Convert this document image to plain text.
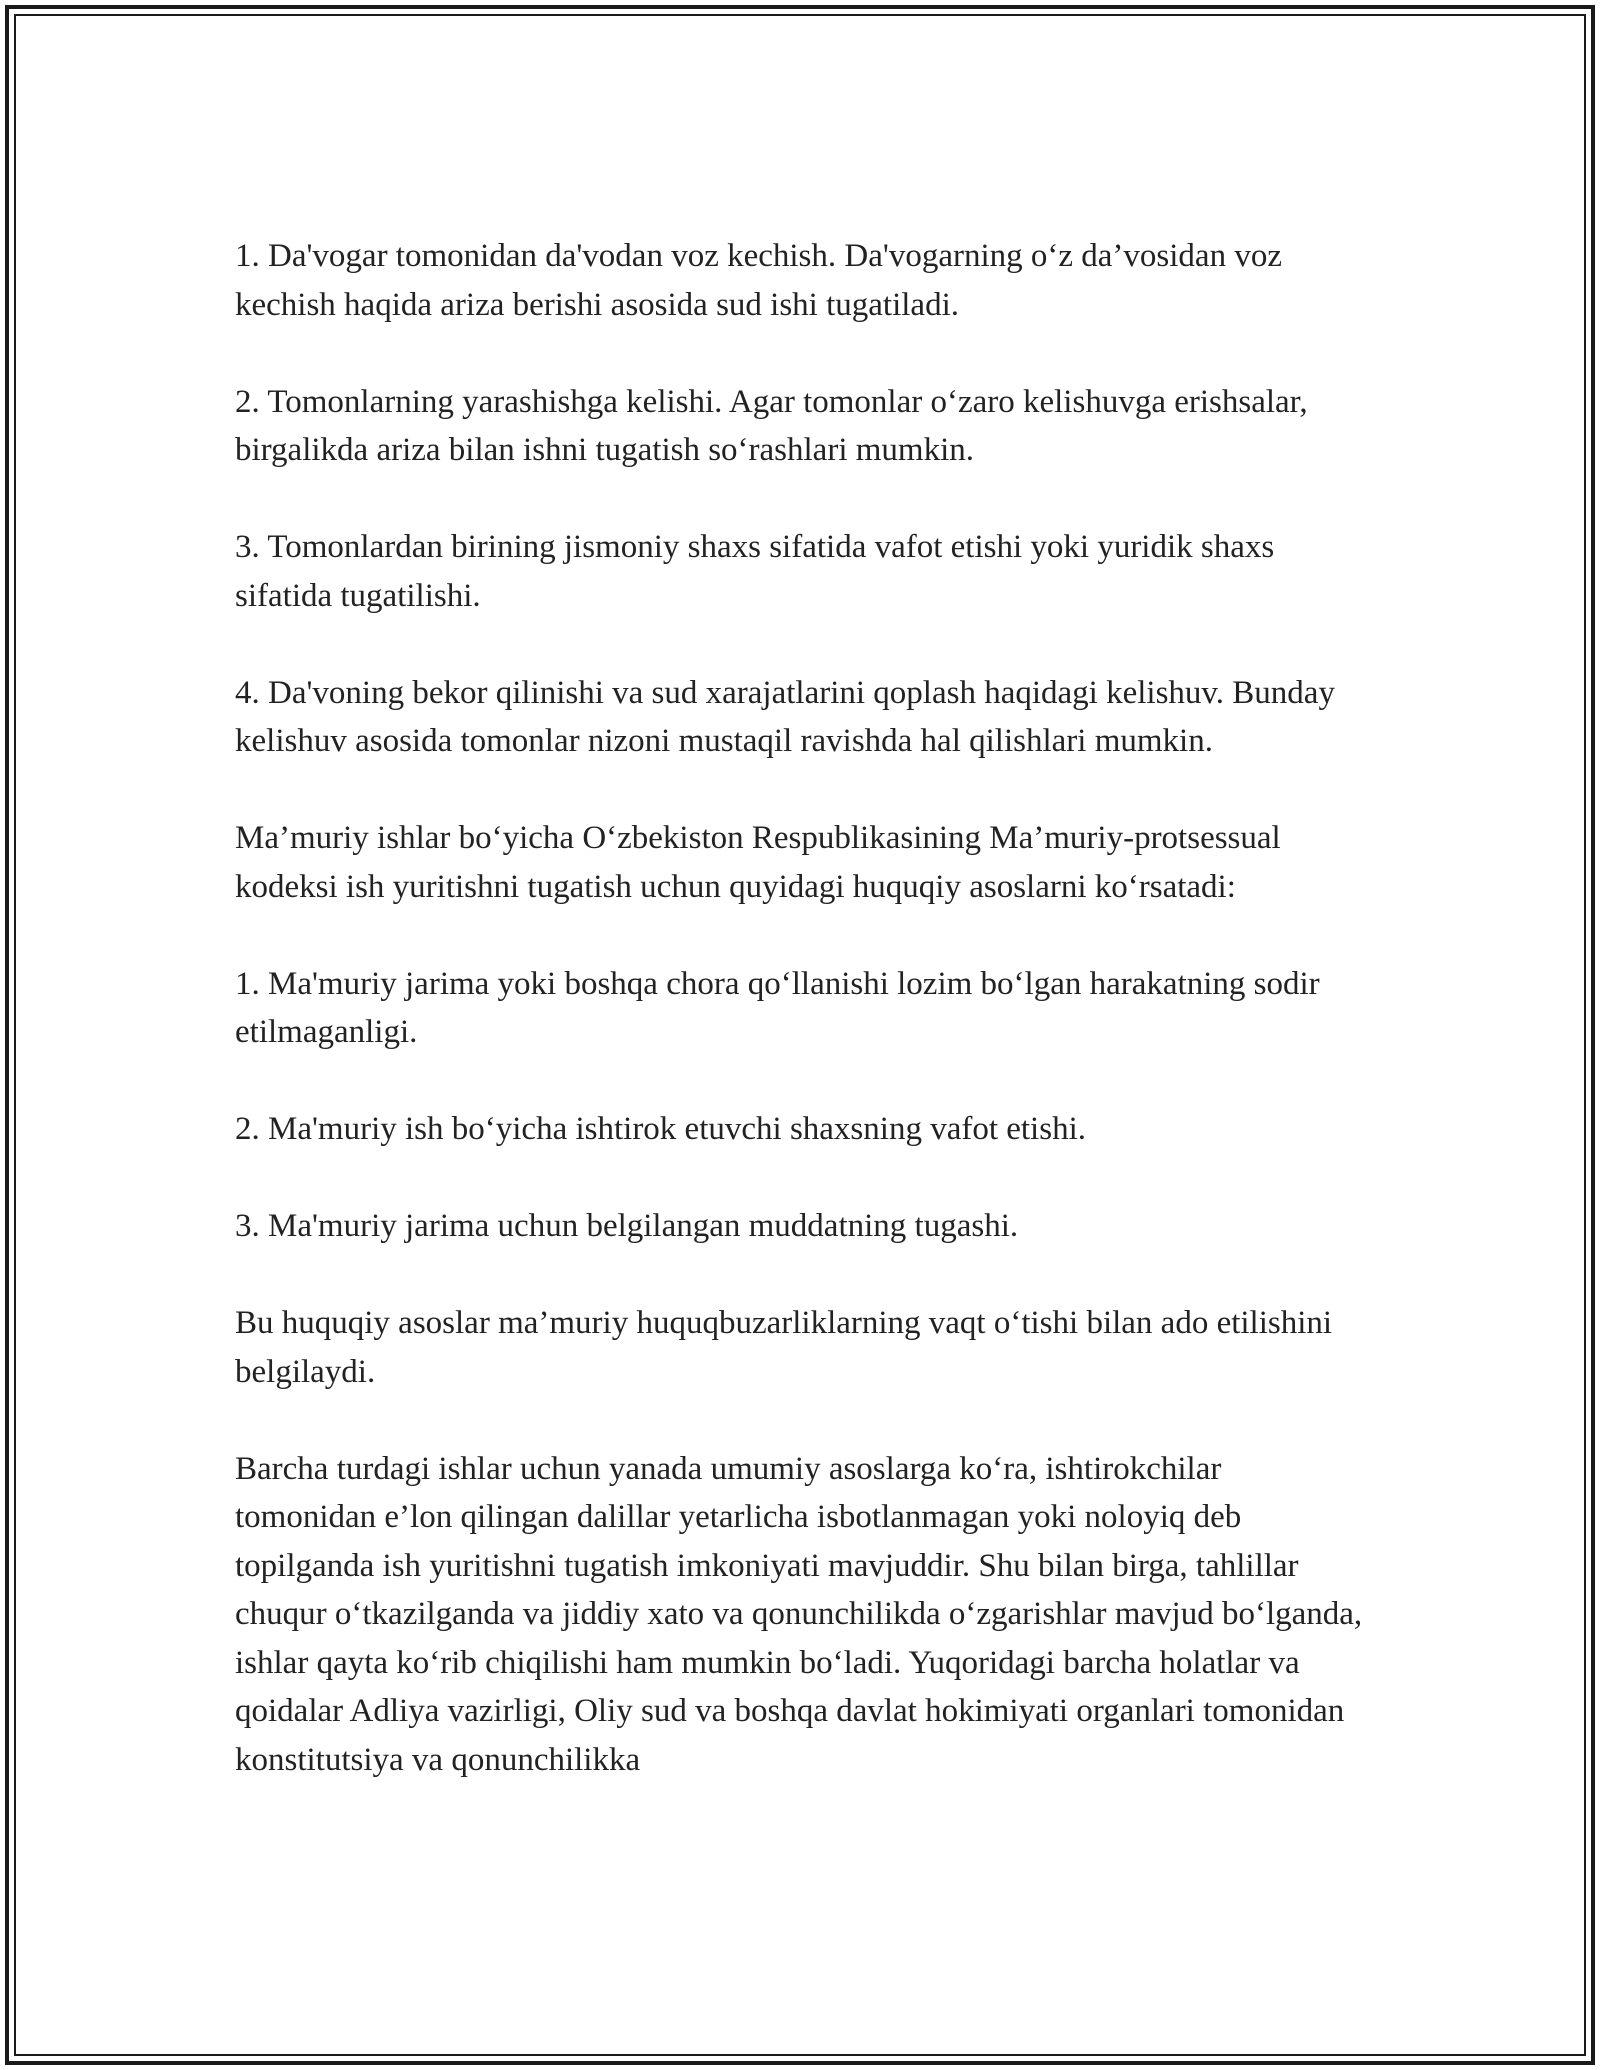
1. Da'vogar tomonidan da'vodan voz kechish. Da'vogarning o‘z da’vosidan voz kechish haqida ariza berishi asosida sud ishi tugatiladi.

2. Tomonlarning yarashishga kelishi. Agar tomonlar o‘zaro kelishuvga erishsalar, birgalikda ariza bilan ishni tugatish so‘rashlari mumkin.

3. Tomonlardan birining jismoniy shaxs sifatida vafot etishi yoki yuridik shaxs sifatida tugatilishi.

4. Da'voning bekor qilinishi va sud xarajatlarini qoplash haqidagi kelishuv. Bunday kelishuv asosida tomonlar nizoni mustaqil ravishda hal qilishlari mumkin.

Ma’muriy ishlar bo‘yicha O‘zbekiston Respublikasining Ma’muriy-protsessual kodeksi ish yuritishni tugatish uchun quyidagi huquqiy asoslarni ko‘rsatadi:

1. Ma'muriy jarima yoki boshqa chora qo‘llanishi lozim bo‘lgan harakatning sodir etilmaganligi.

2. Ma'muriy ish bo‘yicha ishtirok etuvchi shaxsning vafot etishi.

3. Ma'muriy jarima uchun belgilangan muddatning tugashi.

Bu huquqiy asoslar ma’muriy huquqbuzarliklarning vaqt o‘tishi bilan ado etilishini belgilaydi.

Barcha turdagi ishlar uchun yanada umumiy asoslarga ko‘ra, ishtirokchilar tomonidan e’lon qilingan dalillar yetarlicha isbotlanmagan yoki noloyiq deb topilganda ish yuritishni tugatish imkoniyati mavjuddir. Shu bilan birga, tahlillar chuqur o‘tkazilganda va jiddiy xato va qonunchilikda o‘zgarishlar mavjud bo‘lganda, ishlar qayta ko‘rib chiqilishi ham mumkin bo‘ladi. Yuqoridagi barcha holatlar va qoidalar Adliya vazirligi, Oliy sud va boshqa davlat hokimiyati organlari tomonidan konstitutsiya va qonunchilikka
